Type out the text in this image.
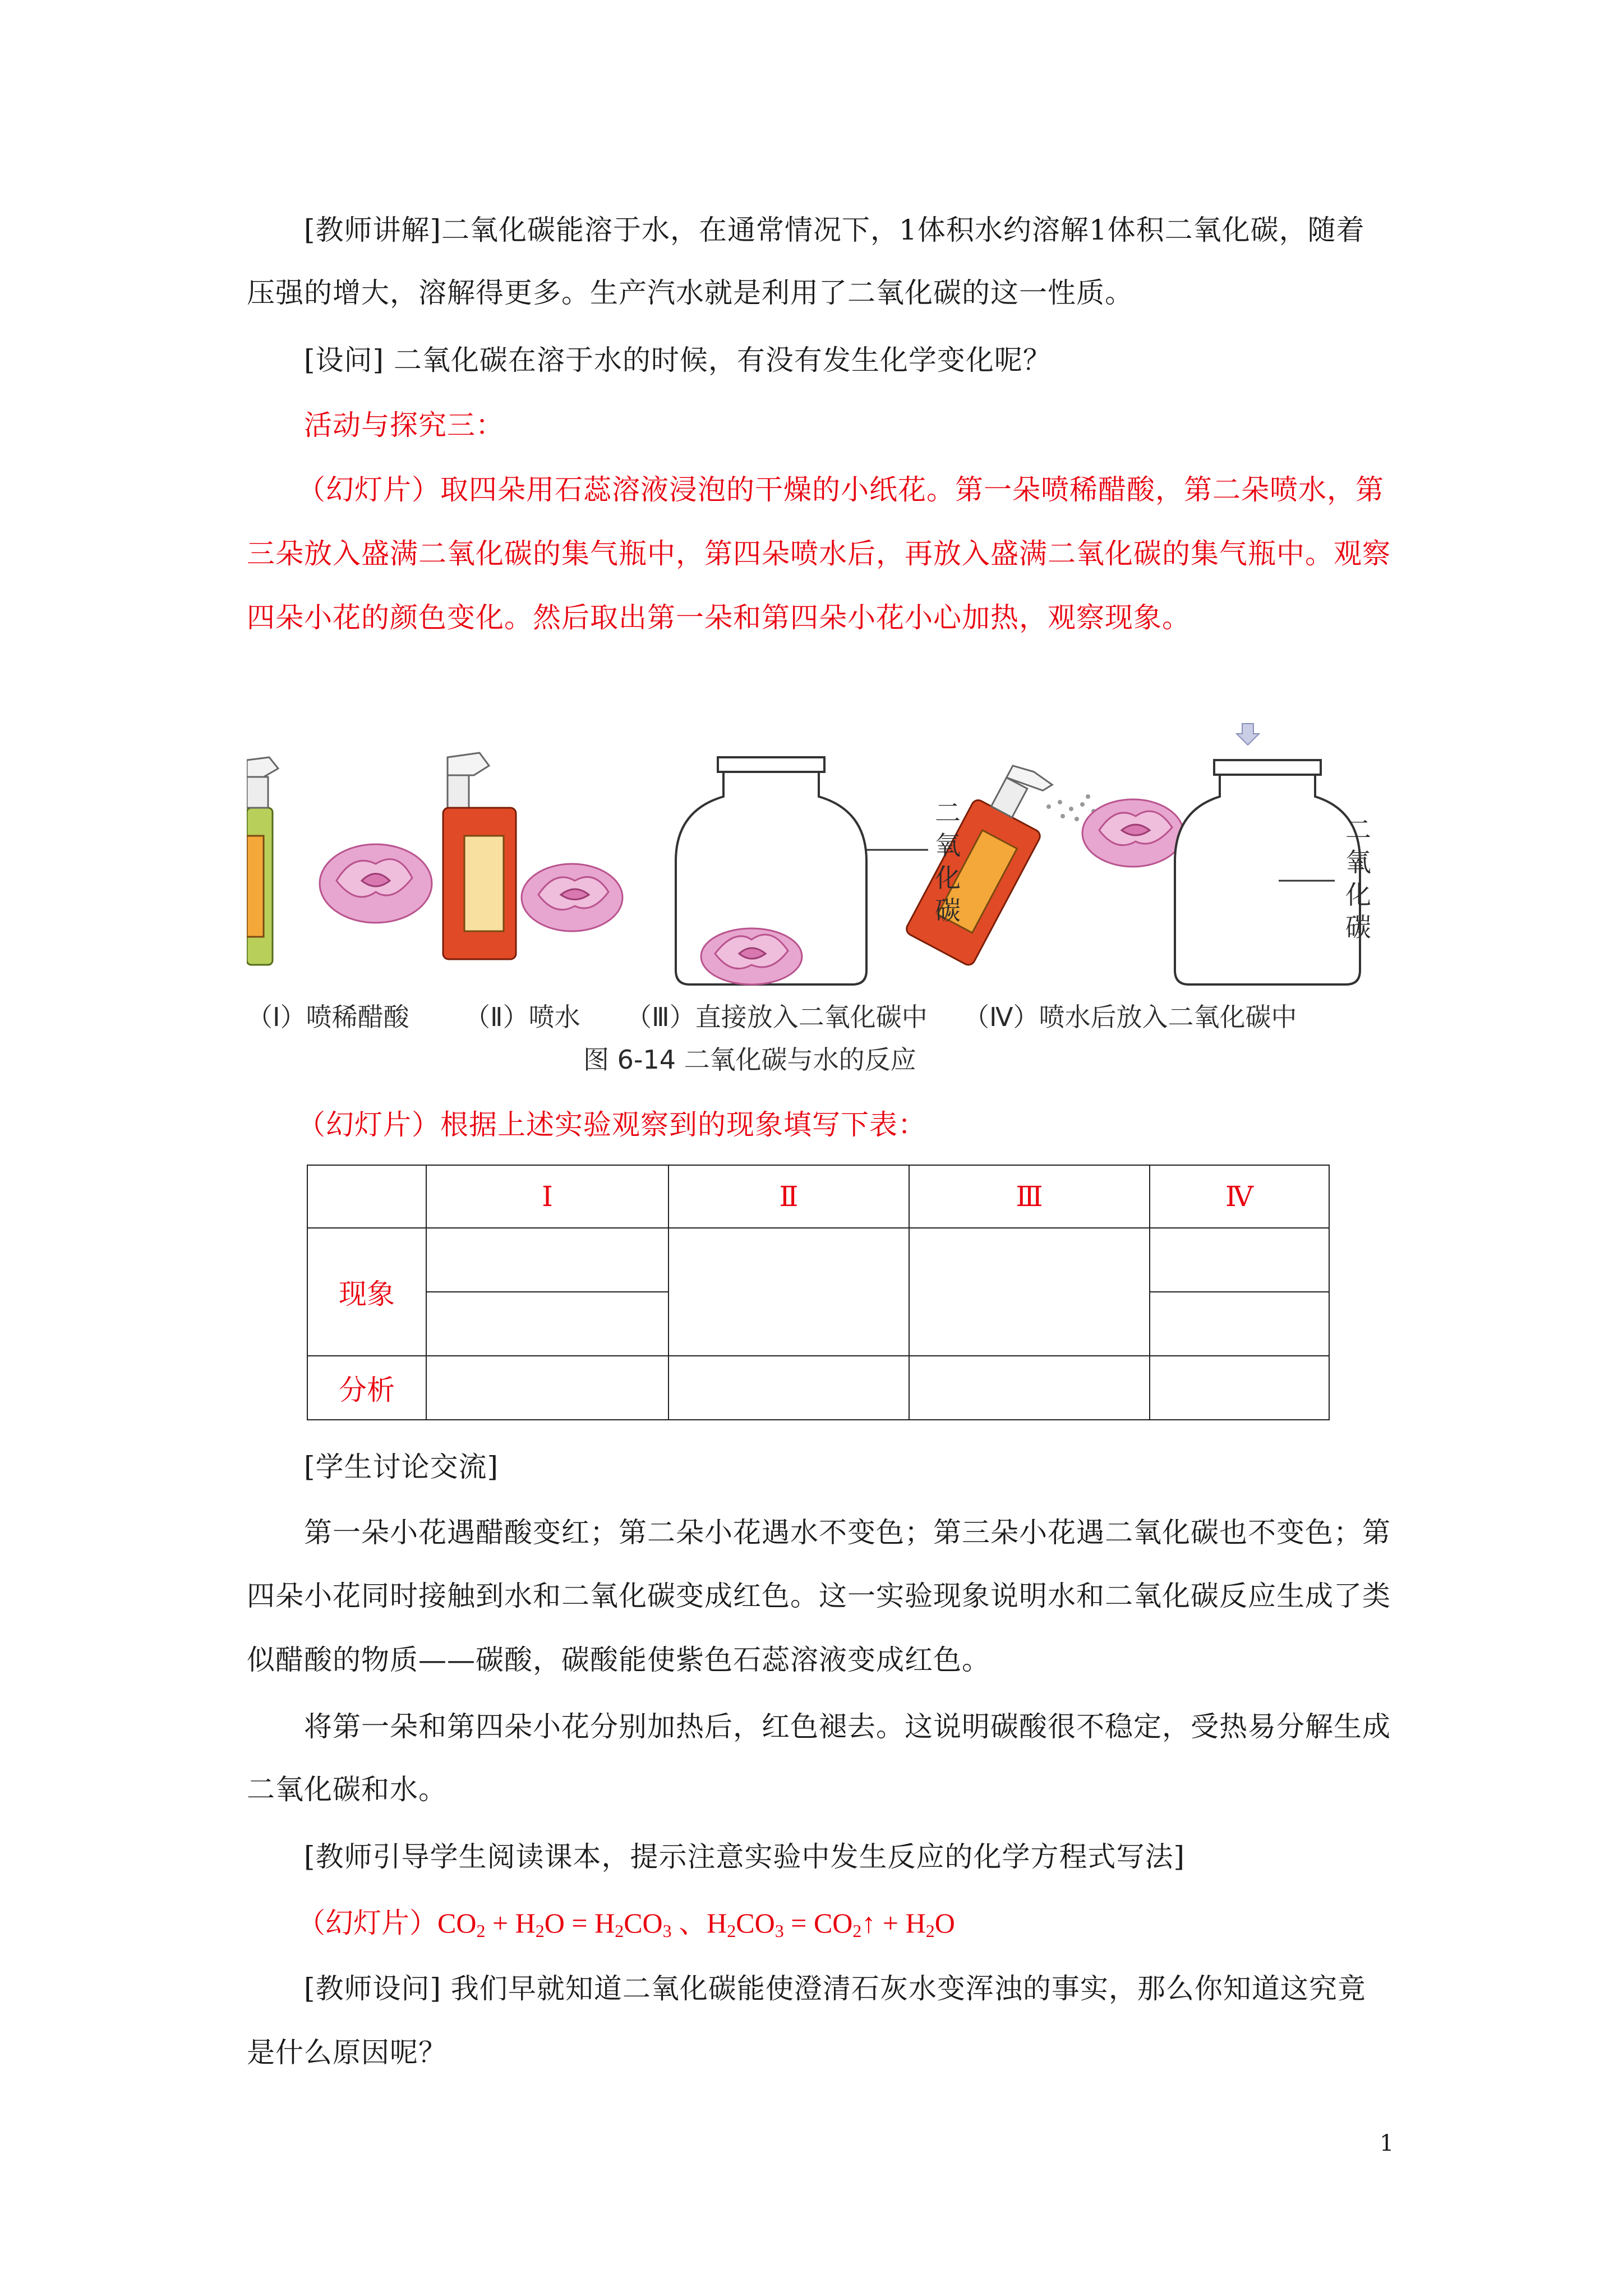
[教师讲解]二氧化碳能溶于水，在通常情况下，1体积水约溶解1体积二氧化碳，随着
压强的增大，溶解得更多。生产汽水就是利用了二氧化碳的这一性质。
[设问] 二氧化碳在溶于水的时候，有没有发生化学变化呢？
活动与探究三：
（幻灯片）取四朵用石蕊溶液浸泡的干燥的小纸花。第一朵喷稀醋酸，第二朵喷水，第
三朵放入盛满二氧化碳的集气瓶中，第四朵喷水后，再放入盛满二氧化碳的集气瓶中。观察
四朵小花的颜色变化。然后取出第一朵和第四朵小花小心加热，观察现象。
二氧化碳
二氧化碳
（Ⅰ）喷稀醋酸 （Ⅱ）喷水 （Ⅲ）直接放入二氧化碳中 （Ⅳ）喷水后放入二氧化碳中
图 6-14 二氧化碳与水的反应
（幻灯片）根据上述实验观察到的现象填写下表：
	Ⅰ	Ⅱ	Ⅲ	Ⅳ
现象				

分析				
[学生讨论交流]
第一朵小花遇醋酸变红；第二朵小花遇水不变色；第三朵小花遇二氧化碳也不变色；第
四朵小花同时接触到水和二氧化碳变成红色。这一实验现象说明水和二氧化碳反应生成了类
似醋酸的物质——碳酸，碳酸能使紫色石蕊溶液变成红色。
将第一朵和第四朵小花分别加热后，红色褪去。这说明碳酸很不稳定，受热易分解生成
二氧化碳和水。
[教师引导学生阅读课本，提示注意实验中发生反应的化学方程式写法]
（幻灯片）$CO_2 + H_2O = H_2CO_3$ 、$H_2CO_3$ = $CO_2↑ + H_2O$
[教师设问] 我们早就知道二氧化碳能使澄清石灰水变浑浊的事实，那么你知道这究竟
是什么原因呢？
1
